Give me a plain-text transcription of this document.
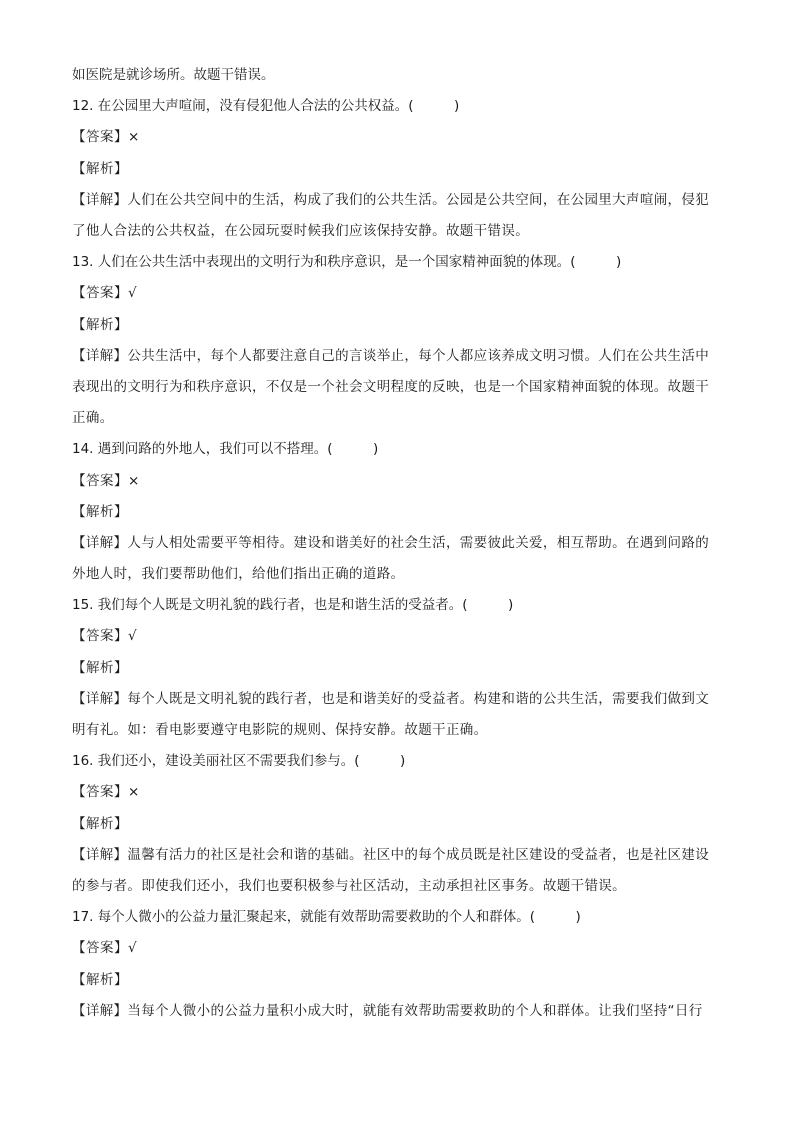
如医院是就诊场所。故题干错误。
12. 在公园里大声喧闹，没有侵犯他人合法的公共权益。(　　　)
【答案】×
【解析】
【详解】人们在公共空间中的生活，构成了我们的公共生活。公园是公共空间，在公园里大声喧闹，侵犯了他人合法的公共权益，在公园玩耍时候我们应该保持安静。故题干错误。
13. 人们在公共生活中表现出的文明行为和秩序意识，是一个国家精神面貌的体现。(　　　)
【答案】√
【解析】
【详解】公共生活中，每个人都要注意自己的言谈举止，每个人都应该养成文明习惯。人们在公共生活中表现出的文明行为和秩序意识，不仅是一个社会文明程度的反映，也是一个国家精神面貌的体现。故题干正确。
14. 遇到问路的外地人，我们可以不搭理。(　　　)
【答案】×
【解析】
【详解】人与人相处需要平等相待。建设和谐美好的社会生活，需要彼此关爱，相互帮助。在遇到问路的外地人时，我们要帮助他们，给他们指出正确的道路。
15. 我们每个人既是文明礼貌的践行者，也是和谐生活的受益者。(　　　)
【答案】√
【解析】
【详解】每个人既是文明礼貌的践行者，也是和谐美好的受益者。构建和谐的公共生活，需要我们做到文明有礼。如：看电影要遵守电影院的规则、保持安静。故题干正确。
16. 我们还小，建设美丽社区不需要我们参与。(　　　)
【答案】×
【解析】
【详解】温馨有活力的社区是社会和谐的基础。社区中的每个成员既是社区建设的受益者，也是社区建设的参与者。即使我们还小，我们也要积极参与社区活动，主动承担社区事务。故题干错误。
17. 每个人微小的公益力量汇聚起来，就能有效帮助需要救助的个人和群体。(　　　)
【答案】√
【解析】
【详解】当每个人微小的公益力量积小成大时，就能有效帮助需要救助的个人和群体。让我们坚持“日行
